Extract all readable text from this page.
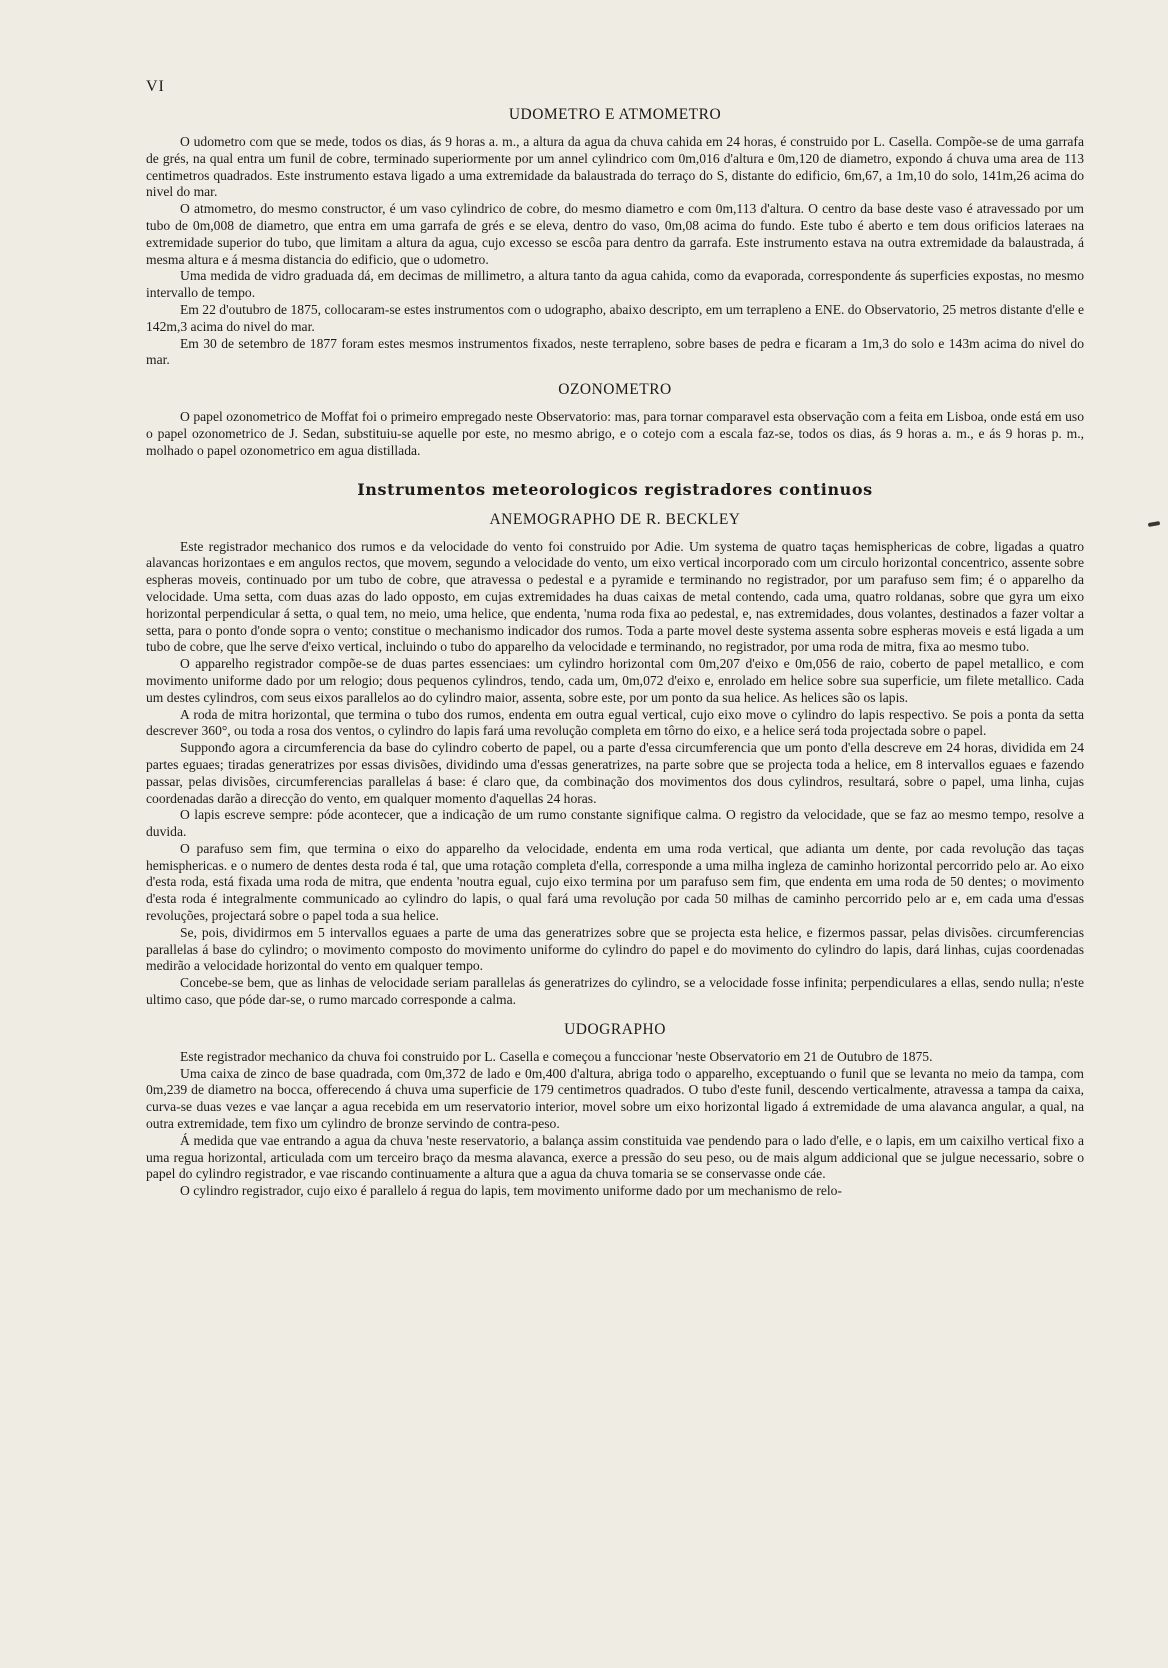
VI
UDOMETRO E ATMOMETRO

O udometro com que se mede, todos os dias, ás 9 horas a. m., a altura da agua da chuva cahida em 24 horas, é construido por L. Casella. Compõe-se de uma garrafa de grés, na qual entra um funil de cobre, terminado superiormente por um annel cylindrico com 0m,016 d'altura e 0m,120 de diametro, expondo á chuva uma area de 113 centimetros quadrados. Este instrumento estava ligado a uma extremidade da balaustrada do terraço do S, distante do edificio, 6m,67, a 1m,10 do solo, 141m,26 acima do nivel do mar.

O atmometro, do mesmo constructor, é um vaso cylindrico de cobre, do mesmo diametro e com 0m,113 d'altura. O centro da base deste vaso é atravessado por um tubo de 0m,008 de diametro, que entra em uma garrafa de grés e se eleva, dentro do vaso, 0m,08 acima do fundo. Este tubo é aberto e tem dous orificios lateraes na extremidade superior do tubo, que limitam a altura da agua, cujo excesso se escôa para dentro da garrafa. Este instrumento estava na outra extremidade da balaustrada, á mesma altura e á mesma distancia do edificio, que o udometro.

Uma medida de vidro graduada dá, em decimas de millimetro, a altura tanto da agua cahida, como da evaporada, correspondente ás superficies expostas, no mesmo intervallo de tempo.

Em 22 d'outubro de 1875, collocaram-se estes instrumentos com o udographo, abaixo descripto, em um terrapleno a ENE. do Observatorio, 25 metros distante d'elle e 142m,3 acima do nivel do mar.

Em 30 de setembro de 1877 foram estes mesmos instrumentos fixados, neste terrapleno, sobre bases de pedra e ficaram a 1m,3 do solo e 143m acima do nivel do mar.

OZONOMETRO

O papel ozonometrico de Moffat foi o primeiro empregado neste Observatorio: mas, para tornar comparavel esta observação com a feita em Lisboa, onde está em uso o papel ozonometrico de J. Sedan, substituiu-se aquelle por este, no mesmo abrigo, e o cotejo com a escala faz-se, todos os dias, ás 9 horas a. m., e ás 9 horas p. m., molhado o papel ozonometrico em agua distillada.

Instrumentos meteorologicos registradores continuos
ANEMOGRAPHO DE R. BECKLEY

Este registrador mechanico dos rumos e da velocidade do vento foi construido por Adie. Um systema de quatro taças hemisphericas de cobre, ligadas a quatro alavancas horizontaes e em angulos rectos, que movem, segundo a velocidade do vento, um eixo vertical incorporado com um circulo horizontal concentrico, assente sobre espheras moveis, continuado por um tubo de cobre, que atravessa o pedestal e a pyramide e terminando no registrador, por um parafuso sem fim; é o apparelho da velocidade. Uma setta, com duas azas do lado opposto, em cujas extremidades ha duas caixas de metal contendo, cada uma, quatro roldanas, sobre que gyra um eixo horizontal perpendicular á setta, o qual tem, no meio, uma helice, que endenta, 'numa roda fixa ao pedestal, e, nas extremidades, dous volantes, destinados a fazer voltar a setta, para o ponto d'onde sopra o vento; constitue o mechanismo indicador dos rumos. Toda a parte movel deste systema assenta sobre espheras moveis e está ligada a um tubo de cobre, que lhe serve d'eixo vertical, incluindo o tubo do apparelho da velocidade e terminando, no registrador, por uma roda de mitra, fixa ao mesmo tubo.

O apparelho registrador compõe-se de duas partes essenciaes: um cylindro horizontal com 0m,207 d'eixo e 0m,056 de raio, coberto de papel metallico, e com movimento uniforme dado por um relogio; dous pequenos cylindros, tendo, cada um, 0m,072 d'eixo e, enrolado em helice sobre sua superficie, um filete metallico. Cada um destes cylindros, com seus eixos parallelos ao do cylindro maior, assenta, sobre este, por um ponto da sua helice. As helices são os lapis.

A roda de mitra horizontal, que termina o tubo dos rumos, endenta em outra egual vertical, cujo eixo move o cylindro do lapis respectivo. Se pois a ponta da setta descrever 360°, ou toda a rosa dos ventos, o cylindro do lapis fará uma revolução completa em tôrno do eixo, e a helice será toda projectada sobre o papel.

Supponđo agora a circumferencia da base do cylindro coberto de papel, ou a parte d'essa circumferencia que um ponto d'ella descreve em 24 horas, dividida em 24 partes eguaes; tiradas generatrizes por essas divisões, dividindo uma d'essas generatrizes, na parte sobre que se projecta toda a helice, em 8 intervallos eguaes e fazendo passar, pelas divisões, circumferencias parallelas á base: é claro que, da combinação dos movimentos dos dous cylindros, resultará, sobre o papel, uma linha, cujas coordenadas darão a direcção do vento, em qualquer momento d'aquellas 24 horas.

O lapis escreve sempre: póde acontecer, que a indicação de um rumo constante signifique calma. O registro da velocidade, que se faz ao mesmo tempo, resolve a duvida.

O parafuso sem fim, que termina o eixo do apparelho da velocidade, endenta em uma roda vertical, que adianta um dente, por cada revolução das taças hemisphericas. e o numero de dentes desta roda é tal, que uma rotação completa d'ella, corresponde a uma milha ingleza de caminho horizontal percorrido pelo ar. Ao eixo d'esta roda, está fixada uma roda de mitra, que endenta 'noutra egual, cujo eixo termina por um parafuso sem fim, que endenta em uma roda de 50 dentes; o movimento d'esta roda é integralmente communicado ao cylindro do lapis, o qual fará uma revolução por cada 50 milhas de caminho percorrido pelo ar e, em cada uma d'essas revoluções, projectará sobre o papel toda a sua helice.

Se, pois, dividirmos em 5 intervallos eguaes a parte de uma das generatrizes sobre que se projecta esta helice, e fizermos passar, pelas divisões. circumferencias parallelas á base do cylindro; o movimento composto do movimento uniforme do cylindro do papel e do movimento do cylindro do lapis, dará linhas, cujas coordenadas medirão a velocidade horizontal do vento em qualquer tempo.

Concebe-se bem, que as linhas de velocidade seriam parallelas ás generatrizes do cylindro, se a velocidade fosse infinita; perpendiculares a ellas, sendo nulla; n'este ultimo caso, que póde dar-se, o rumo marcado corresponde a calma.

UDOGRAPHO

Este registrador mechanico da chuva foi construido por L. Casella e começou a funccionar 'neste Observatorio em 21 de Outubro de 1875.

Uma caixa de zinco de base quadrada, com 0m,372 de lado e 0m,400 d'altura, abriga todo o apparelho, exceptuando o funil que se levanta no meio da tampa, com 0m,239 de diametro na bocca, offerecendo á chuva uma superficie de 179 centimetros quadrados. O tubo d'este funil, descendo verticalmente, atravessa a tampa da caixa, curva-se duas vezes e vae lançar a agua recebida em um reservatorio interior, movel sobre um eixo horizontal ligado á extremidade de uma alavanca angular, a qual, na outra extremidade, tem fixo um cylindro de bronze servindo de contra-peso.

Á medida que vae entrando a agua da chuva 'neste reservatorio, a balança assim constituida vae pendendo para o lado d'elle, e o lapis, em um caixilho vertical fixo a uma regua horizontal, articulada com um terceiro braço da mesma alavanca, exerce a pressão do seu peso, ou de mais algum addicional que se julgue necessario, sobre o papel do cylindro registrador, e vae riscando continuamente a altura que a agua da chuva tomaria se se conservasse onde cáe.

O cylindro registrador, cujo eixo é parallelo á regua do lapis, tem movimento uniforme dado por um mechanismo de relo-
